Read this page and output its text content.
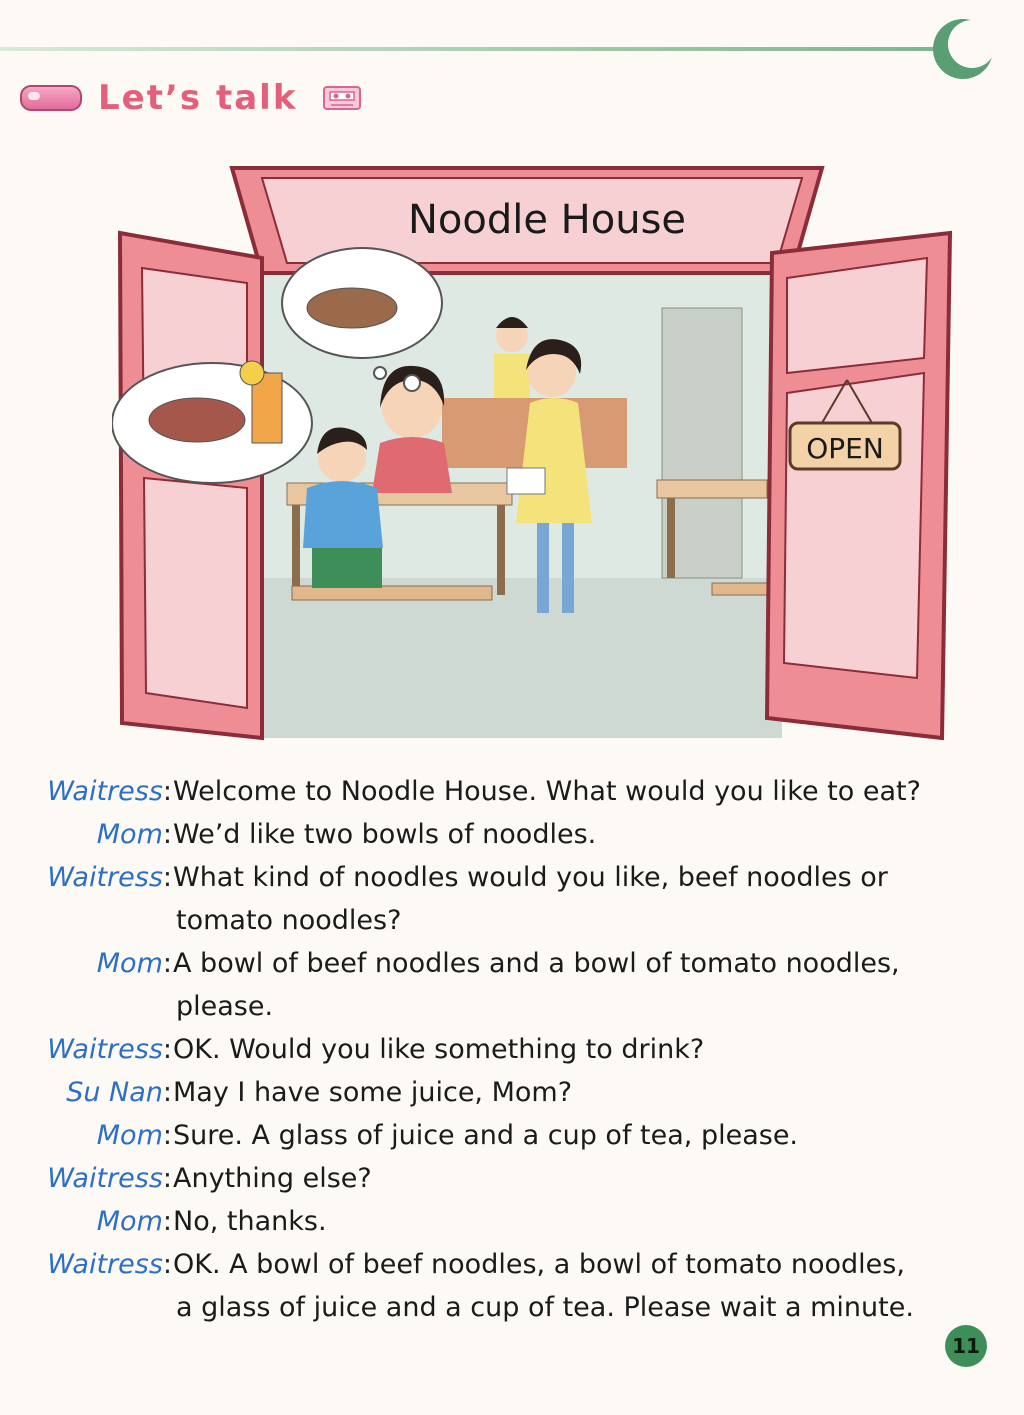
Let’s talk
Noodle House
OPEN
Waitress: Welcome to Noodle House. What would you like to eat?
Mom: We’d like two bowls of noodles.
Waitress: What kind of noodles would you like, beef noodles or
tomato noodles?
Mom: A bowl of beef noodles and a bowl of tomato noodles,
please.
Waitress: OK. Would you like something to drink?
Su Nan: May I have some juice, Mom?
Mom: Sure. A glass of juice and a cup of tea, please.
Waitress: Anything else?
Mom: No, thanks.
Waitress: OK. A bowl of beef noodles, a bowl of tomato noodles,
a glass of juice and a cup of tea. Please wait a minute.
11
